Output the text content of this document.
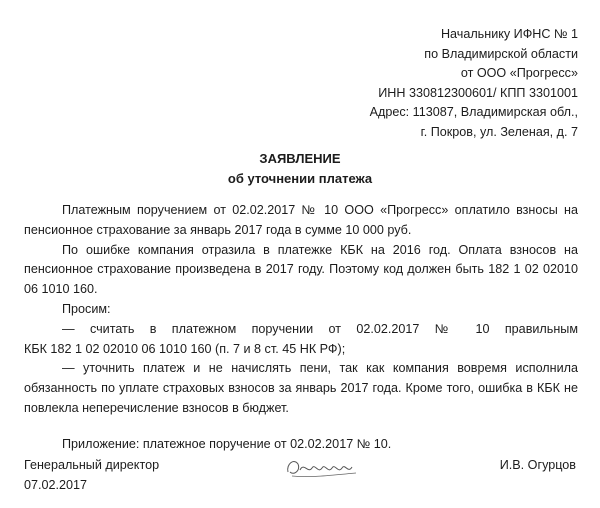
Начальнику ИФНС № 1
по Владимирской области
от ООО «Прогресс»
ИНН 330812300601/ КПП 3301001
Адрес: 113087, Владимирская обл.,
г. Покров, ул. Зеленая, д. 7
ЗАЯВЛЕНИЕ
об уточнении платежа

Платежным поручением от 02.02.2017 № 10 ООО «Прогресс» оплатило взносы на пенсионное страхование за январь 2017 года в сумме 10 000 руб.

По ошибке компания отразила в платежке КБК на 2016 год. Оплата взносов на пенсионное страхование произведена в 2017 году. Поэтому код должен быть 182 1 02 02010 06 1010 160.

Просим:

— считать в платежном поручении от 02.02.2017 № 10 правильным

КБК 182 1 02 02010 06 1010 160 (п. 7 и 8 ст. 45 НК РФ);

— уточнить платеж и не начислять пени, так как компания вовремя исполнила обязанность по уплате страховых взносов за январь 2017 года. Кроме того, ошибка в КБК не повлекла неперечисление взносов в бюджет.

Приложение: платежное поручение от 02.02.2017 № 10.

Генеральный директор
07.02.2017
И.В. Огурцов
